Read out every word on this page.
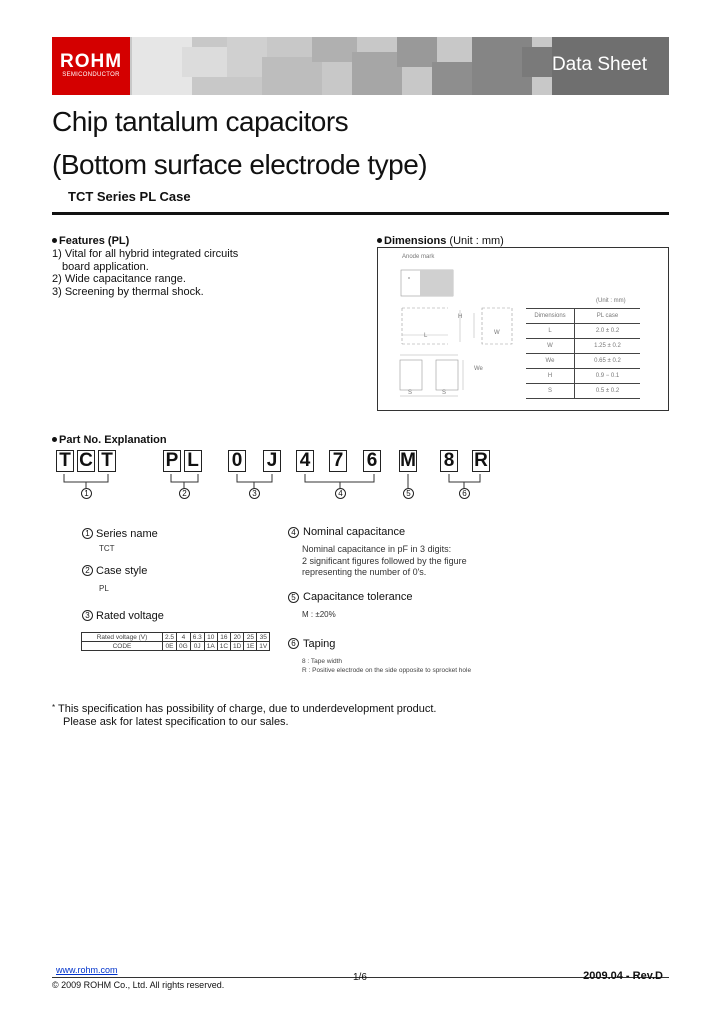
ROHM
SEMICONDUCTOR	Data Sheet
Chip tantalum capacitors
(Bottom surface electrode type)
TCT Series PL Case
Features (PL)
1) Vital for all hybrid integrated circuits
board application.
2) Wide capacitance range.
3) Screening by thermal shock.
Dimensions (Unit : mm)
Anode mark
L	W
H
We
S	S
(Unit : mm)
Dimensions	PL case
L	2.0 ± 0.2
W	1.25 ± 0.2
We	0.65 ± 0.2
H	0.9 − 0.1
S	0.5 ± 0.2
Part No. Explanation
T C T	P L 0 J 4 7 6 M 8 R
1	2	3	4	5	6
1 Series name
TCT
2 Case style
PL
3 Rated voltage
Rated voltage (V)	2.5	4	6.3	10	16	20	25	35
CODE	0E	0G	0J	1A	1C	1D	1E	1V
4 Nominal capacitance
Nominal capacitance in pF in 3 digits:
2 significant figures followed by the figure
representing the number of 0's.
5 Capacitance tolerance
M : ±20%
6 Taping
8 : Tape width
R : Positive electrode on the side opposite to sprocket hole
* This specification has possibility of charge, due to underdevelopment product.
Please ask for latest specification to our sales.
www.rohm.com
© 2009 ROHM Co., Ltd. All rights reserved.
1/6	2009.04 - Rev.D
